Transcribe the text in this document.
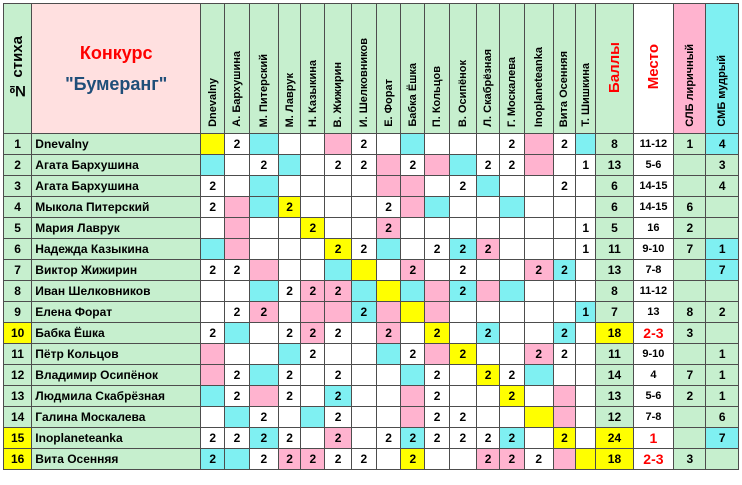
№ стиха	Конкурс
"Бумеранг"	Dnevalny	А. Бархушина	М. Питерский	М. Лаврук	Н. Казыкина	В. Жижирин	И. Шелковников	Е. Форат	Бабка Ёшка	П. Кольцов	В. Осипёнок	Л. Скабрёзная	Г. Москалева	Inoplaneteanka	Вита Осенняя	Т. Шишкина	Баллы	Место	СЛБ лиричный	СМБ мудрый
1	Dnevalny		2					2						2		2		8	11-12	1	4
2	Агата Бархушина			2			2	2		2			2	2			1	13	5-6		3
3	Агата Бархушина	2										2				2		6	14-15		4
4	Мыкола Питерский	2			2				2									6	14-15	6	
5	Мария Лаврук					2			2								1	5	16	2	
6	Надежда Казыкина						2	2			2	2	2				1	11	9-10	7	1
7	Виктор Жижирин	2	2							2		2			2	2		13	7-8		7
8	Иван Шелковников				2	2	2					2						8	11-12		
9	Елена Форат		2	2				2									1	7	13	8	2
10	Бабка Ёшка	2			2	2	2		2		2		2			2		18	2-3	3	
11	Пётр Кольцов					2				2		2			2	2		11	9-10		1
12	Владимир Осипёнок		2		2		2				2		2	2				14	4	7	1
13	Людмила Скабрёзная		2		2		2				2			2				13	5-6	2	1
14	Галина Москалева			2			2				2	2						12	7-8		6
15	Inoplaneteanka	2	2	2	2		2		2	2	2	2	2	2		2		24	1		7
16	Вита Осенняя	2		2	2	2	2	2		2			2	2	2			18	2-3	3	
